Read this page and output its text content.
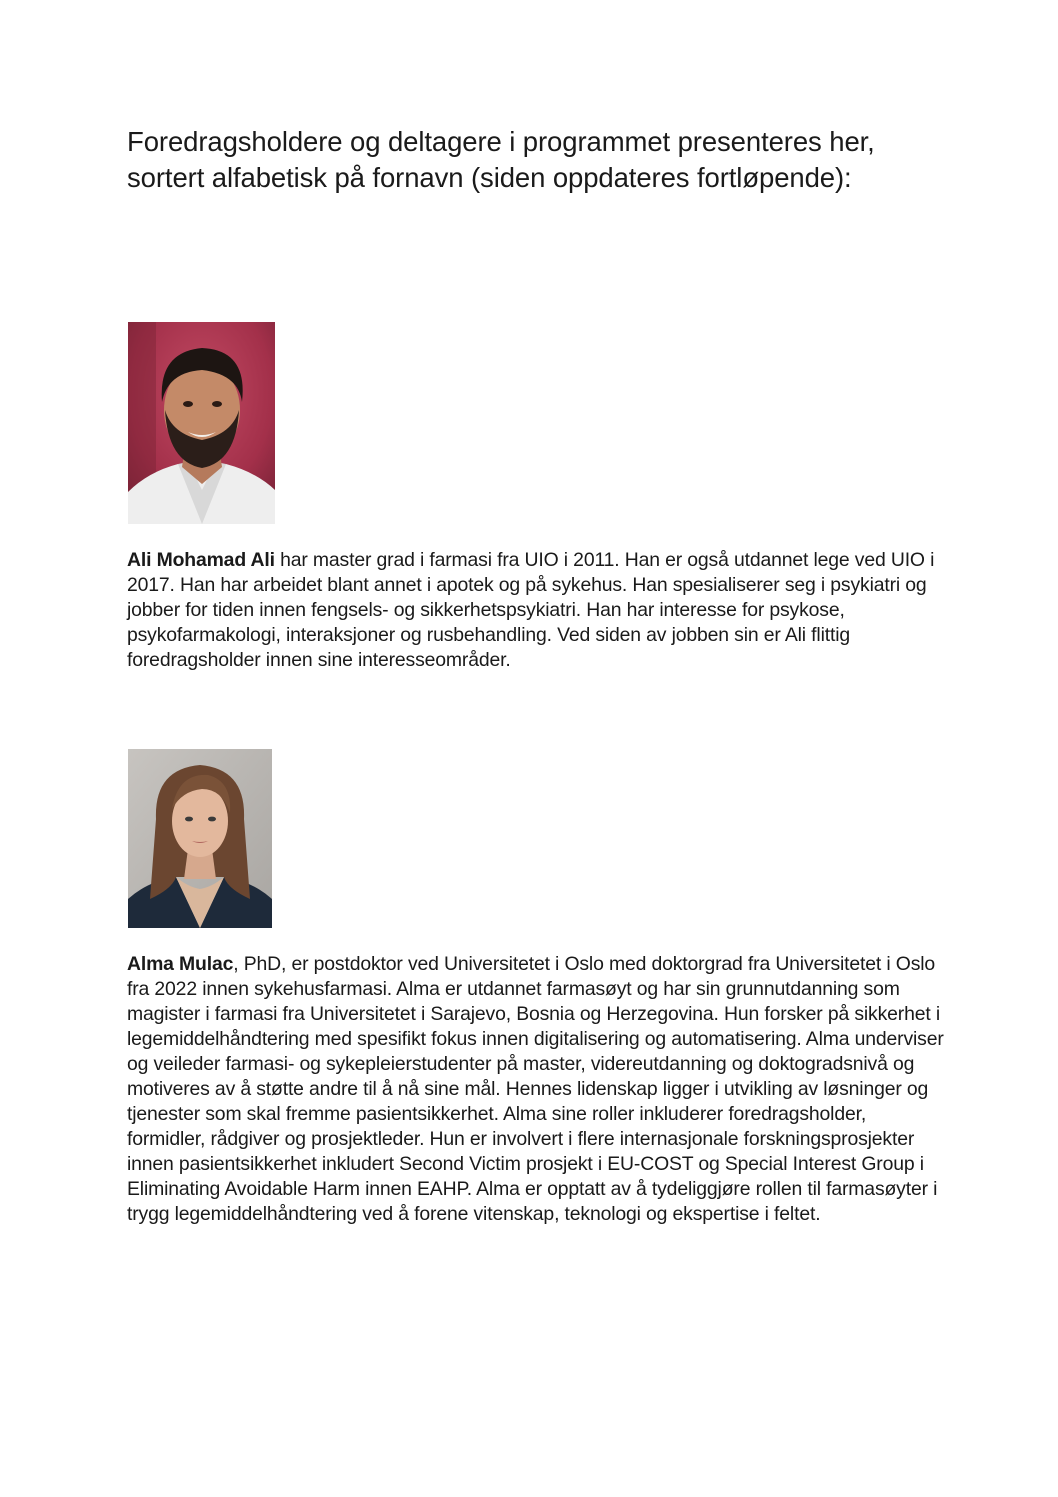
Foredragsholdere og deltagere i programmet presenteres her, sortert alfabetisk på fornavn (siden oppdateres fortløpende):

Ali Mohamad Ali har master grad i farmasi fra UIO i 2011. Han er også utdannet lege ved UIO i 2017. Han har arbeidet blant annet i apotek og på sykehus. Han spesialiserer seg i psykiatri og jobber for tiden innen fengsels- og sikkerhetspsykiatri. Han har interesse for psykose, psykofarmakologi, interaksjoner og rusbehandling. Ved siden av jobben sin er Ali flittig foredragsholder innen sine interesseområder.

Alma Mulac, PhD, er postdoktor ved Universitetet i Oslo med doktorgrad fra Universitetet i Oslo fra 2022 innen sykehusfarmasi. Alma er utdannet farmasøyt og har sin grunnutdanning som magister i farmasi fra Universitetet i Sarajevo, Bosnia og Herzegovina. Hun forsker på sikkerhet i legemiddelhåndtering med spesifikt fokus innen digitalisering og automatisering. Alma underviser og veileder farmasi- og sykepleierstudenter på master, videreutdanning og doktogradsnivå og motiveres av å støtte andre til å nå sine mål. Hennes lidenskap ligger i utvikling av løsninger og tjenester som skal fremme pasientsikkerhet. Alma sine roller inkluderer foredragsholder, formidler, rådgiver og prosjektleder. Hun er involvert i flere internasjonale forskningsprosjekter innen pasientsikkerhet inkludert Second Victim prosjekt i EU-COST og Special Interest Group i Eliminating Avoidable Harm innen EAHP. Alma er opptatt av å tydeliggjøre rollen til farmasøyter i trygg legemiddelhåndtering ved å forene vitenskap, teknologi og ekspertise i feltet.
